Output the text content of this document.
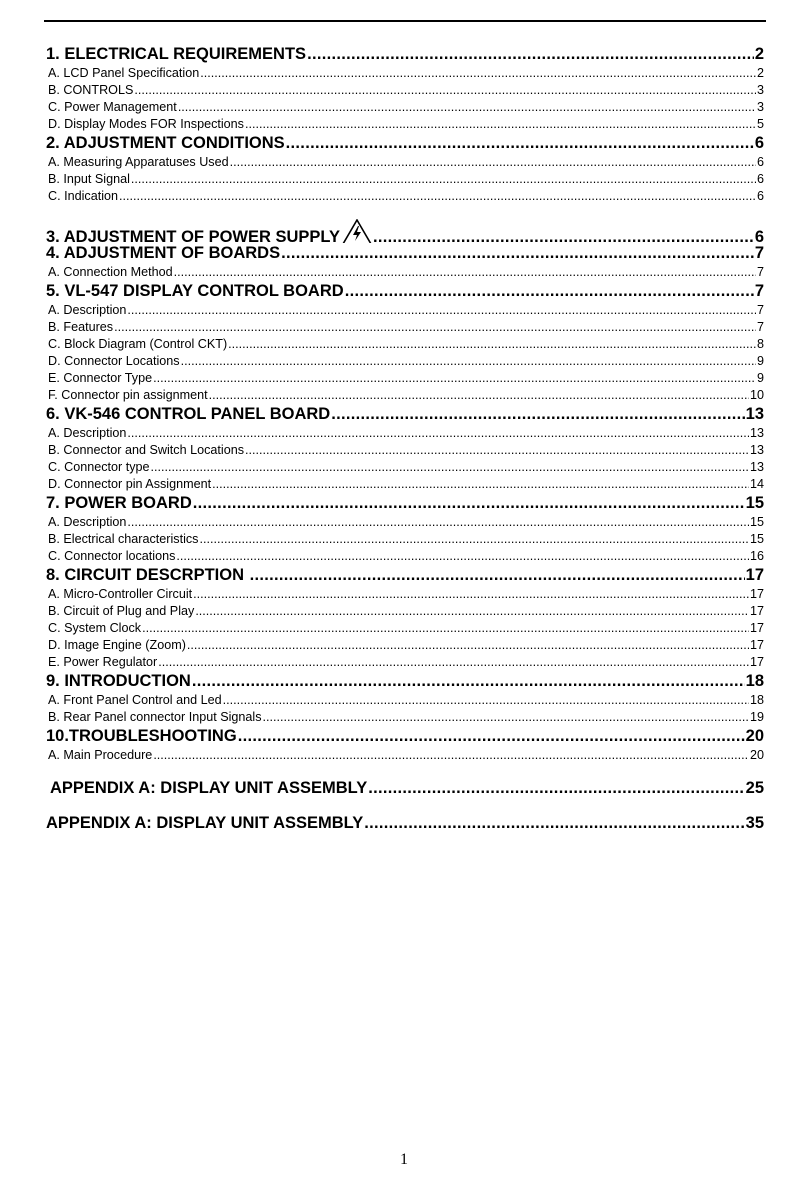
1. ELECTRICAL REQUIREMENTS .....	2
A. LCD Panel Specification .....	2
B. CONTROLS .....	3
C. Power Management .....	3
D. Display Modes FOR Inspections .....	5
2. ADJUSTMENT CONDITIONS .....	6
A. Measuring Apparatuses Used .....	6
B. Input Signal .....	6
C. Indication .....	6
3. ADJUSTMENT OF POWER SUPPLY .....	6
4. ADJUSTMENT OF BOARDS .....	7
A. Connection Method .....	7
5. VL-547 DISPLAY CONTROL BOARD .....	7
A. Description .....	7
B. Features .....	7
C. Block Diagram (Control CKT) .....	8
D. Connector Locations .....	9
E. Connector Type .....	9
F. Connector pin assignment .....	10
6. VK-546 CONTROL PANEL BOARD .....	13
A. Description .....	13
B. Connector and Switch Locations .....	13
C. Connector type .....	13
D. Connector pin Assignment .....	14
7. POWER BOARD .....	15
A. Description .....	15
B. Electrical characteristics .....	15
C. Connector locations .....	16
8. CIRCUIT DESCRPTION .....	17
A. Micro-Controller Circuit .....	17
B. Circuit of Plug and Play .....	17
C. System Clock .....	17
D. Image Engine (Zoom) .....	17
E. Power Regulator .....	17
9. INTRODUCTION .....	18
A. Front Panel Control and Led .....	18
B. Rear Panel connector Input Signals .....	19
10.TROUBLESHOOTING .....	20
A. Main Procedure .....	20
APPENDIX A: DISPLAY UNIT ASSEMBLY .....	25
APPENDIX A: DISPLAY UNIT ASSEMBLY .....	35
1
